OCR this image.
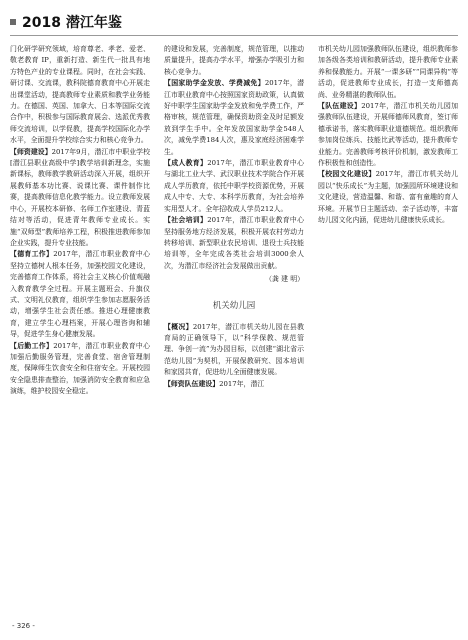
2018 潜江年鉴

门化研学研究领域，培育尊老、孝老、爱老、敬老教育 IP，重新打造、新生代一批具有地方特色产业的专业课程。同时，在社会实践、研讨课、交流课，教科院德育教育中心开展走出课堂活动，提高教师专业素质和教学业务能力。在德国、英国、加拿大、日本等国际交流合作中，积极参与国际教育展会、选派优秀教师交流培训，以学促教，提高学校国际化办学水平，全面提升学校综合实力和核心竞争力。

【师资建设】2017年9月，潜江市中职业学校[潜江县职业高级中学]教学培训新理念，实施新课标，教师教学教研活动深入开展，组织开展教师基本功比赛、说课比赛、课件制作比赛，提高教师信息化教学能力。设立教师发展中心，开展校本研修、名师工作室建设、青蓝结对等活动，促进青年教师专业成长。实施“双师型”教师培养工程，积极推进教师参加企业实践，提升专业技能。

【德育工作】2017年，潜江市职业教育中心坚持立德树人根本任务，加强校园文化建设，完善德育工作体系，将社会主义核心价值观融入教育教学全过程。开展主题班会、升旗仪式、文明礼仪教育，组织学生参加志愿服务活动，增强学生社会责任感。推进心理健康教育，建立学生心理档案，开展心理咨询和辅导，促进学生身心健康发展。

【后勤工作】2017年，潜江市职业教育中心加强后勤服务管理，完善食堂、宿舍管理制度，保障师生饮食安全和住宿安全。开展校园安全隐患排查整治，加强消防安全教育和应急演练，维护校园安全稳定。

的建设和发展，完善制度，规范管理，以推动质量提升，提高办学水平，增强办学吸引力和核心竞争力。

【国家助学金发放、学费减免】2017年，潜江市职业教育中心按照国家资助政策，认真做好中职学生国家助学金发放和免学费工作，严格审核，规范管理，确保资助资金及时足额发放到学生手中。全年发放国家助学金548人次，减免学费184人次，惠及家庭经济困难学生。

【成人教育】2017年，潜江市职业教育中心与湖北工业大学、武汉职业技术学院合作开展成人学历教育，依托中职学校资源优势，开展成人中专、大专、本科学历教育，为社会培养实用型人才。全年招收成人学员212人。

【社会培训】2017年，潜江市职业教育中心坚持服务地方经济发展，积极开展农村劳动力转移培训、新型职业农民培训、退役士兵技能培训等，全年完成各类社会培训3000余人次，为潜江市经济社会发展做出贡献。

（龚 建 明）

机关幼儿园

【概况】2017年，潜江市机关幼儿园在县教育局的正确领导下，以“科学保教、规范管理、争创一流”为办园目标，以创建“湖北省示范幼儿园”为契机，开展保教研究、园本培训和家园共育，促进幼儿全面健康发展。

【师资队伍建设】2017年，潜江

市机关幼儿园加强教师队伍建设，组织教师参加各级各类培训和教研活动，提升教师专业素养和保教能力。开展“一课多研”“同课异构”等活动，促进教师专业成长，打造一支师德高尚、业务精湛的教师队伍。

【队伍建设】2017年，潜江市机关幼儿园加强教师队伍建设，开展师德师风教育，签订师德承诺书，落实教师职业道德规范。组织教师参加岗位练兵、技能比武等活动，提升教师专业能力。完善教师考核评价机制，激发教师工作积极性和创造性。

【校园文化建设】2017年，潜江市机关幼儿园以“快乐成长”为主题，加强园所环境建设和文化建设，营造温馨、和谐、富有童趣的育人环境。开展节日主题活动、亲子活动等，丰富幼儿园文化内涵，促进幼儿健康快乐成长。

- 326 -
